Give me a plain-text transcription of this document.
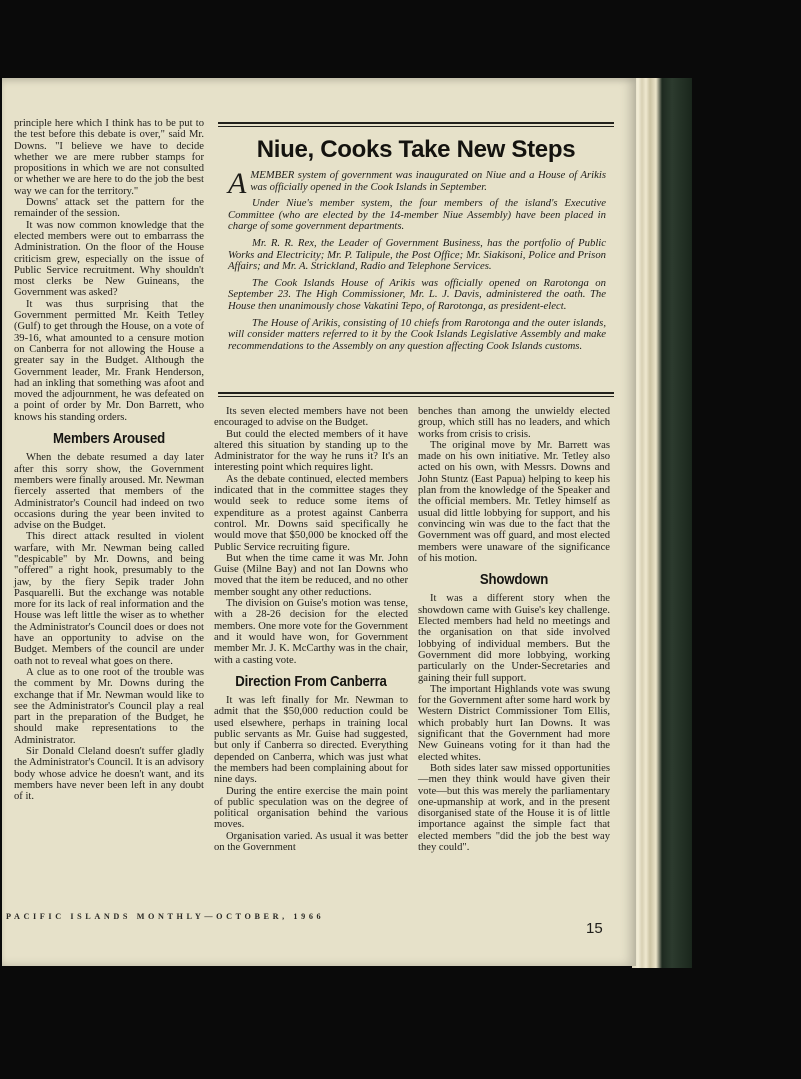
principle here which I think has to be put to the test before this debate is over," said Mr. Downs. "I believe we have to decide whether we are mere rubber stamps for propositions in which we are not consulted or whether we are here to do the job the best way we can for the territory."

Downs' attack set the pattern for the remainder of the session.

It was now common knowledge that the elected members were out to embarrass the Administration. On the floor of the House criticism grew, especially on the issue of Public Service recruitment. Why shouldn't most clerks be New Guineans, the Government was asked?

It was thus surprising that the Government permitted Mr. Keith Tetley (Gulf) to get through the House, on a vote of 39-16, what amounted to a censure motion on Canberra for not allowing the House a greater say in the Budget. Although the Government leader, Mr. Frank Henderson, had an inkling that something was afoot and moved the adjournment, he was defeated on a point of order by Mr. Don Barrett, who knows his standing orders.

Members Aroused

When the debate resumed a day later after this sorry show, the Government members were finally aroused. Mr. Newman fiercely asserted that members of the Administrator's Council had indeed on two occasions during the year been invited to advise on the Budget.

This direct attack resulted in violent warfare, with Mr. Newman being called "despicable" by Mr. Downs, and being "offered" a right hook, presumably to the jaw, by the fiery Sepik trader John Pasquarelli. But the exchange was notable more for its lack of real information and the House was left little the wiser as to whether the Administrator's Council does or does not have an opportunity to advise on the Budget. Members of the council are under oath not to reveal what goes on there.

A clue as to one root of the trouble was the comment by Mr. Downs during the exchange that if Mr. Newman would like to see the Administrator's Council play a real part in the preparation of the Budget, he should make representations to the Administrator.

Sir Donald Cleland doesn't suffer gladly the Administrator's Council. It is an advisory body whose advice he doesn't want, and its members have never been left in any doubt of it.

Niue, Cooks Take New Steps

AMEMBER system of government was inaugurated on Niue and a House of Arikis was officially opened in the Cook Islands in September.

Under Niue's member system, the four members of the island's Executive Committee (who are elected by the 14-member Niue Assembly) have been placed in charge of some government departments.

Mr. R. R. Rex, the Leader of Government Business, has the portfolio of Public Works and Electricity; Mr. P. Talipule, the Post Office; Mr. Siakisoni, Police and Prison Affairs; and Mr. A. Strickland, Radio and Telephone Services.

The Cook Islands House of Arikis was officially opened on Rarotonga on September 23. The High Commissioner, Mr. L. J. Davis, administered the oath. The House then unanimously chose Vakatini Tepo, of Rarotonga, as president-elect.

The House of Arikis, consisting of 10 chiefs from Rarotonga and the outer islands, will consider matters referred to it by the Cook Islands Legislative Assembly and make recommendations to the Assembly on any question affecting Cook Islands customs.

Its seven elected members have not been encouraged to advise on the Budget.

But could the elected members of it have altered this situation by standing up to the Administrator for the way he runs it? It's an interesting point which requires light.

As the debate continued, elected members indicated that in the committee stages they would seek to reduce some items of expenditure as a protest against Canberra control. Mr. Downs said specifically he would move that $50,000 be knocked off the Public Service recruiting figure.

But when the time came it was Mr. John Guise (Milne Bay) and not Ian Downs who moved that the item be reduced, and no other member sought any other reductions.

The division on Guise's motion was tense, with a 28-26 decision for the elected members. One more vote for the Government and it would have won, for Government member Mr. J. K. McCarthy was in the chair, with a casting vote.

Direction From Canberra

It was left finally for Mr. Newman to admit that the $50,000 reduction could be used elsewhere, perhaps in training local public servants as Mr. Guise had suggested, but only if Canberra so directed. Everything depended on Canberra, which was just what the members had been complaining about for nine days.

During the entire exercise the main point of public speculation was on the degree of political organisation behind the various moves.

Organisation varied. As usual it was better on the Government

benches than among the unwieldy elected group, which still has no leaders, and which works from crisis to crisis.

The original move by Mr. Barrett was made on his own initiative. Mr. Tetley also acted on his own, with Messrs. Downs and John Stuntz (East Papua) helping to keep his plan from the knowledge of the Speaker and the official members. Mr. Tetley himself as usual did little lobbying for support, and his convincing win was due to the fact that the Government was off guard, and most elected members were unaware of the significance of his motion.

Showdown

It was a different story when the showdown came with Guise's key challenge. Elected members had held no meetings and the organisation on that side involved lobbying of individual members. But the Government did more lobbying, working particularly on the Under-Secretaries and gaining their full support.

The important Highlands vote was swung for the Government after some hard work by Western District Commissioner Tom Ellis, which probably hurt Ian Downs. It was significant that the Government had more New Guineans voting for it than had the elected whites.

Both sides later saw missed opportunities—men they think would have given their vote—but this was merely the parliamentary one-upmanship at work, and in the present disorganised state of the House it is of little importance against the simple fact that elected members "did the job the best way they could".

PACIFIC ISLANDS MONTHLY—OCTOBER, 1966
15
